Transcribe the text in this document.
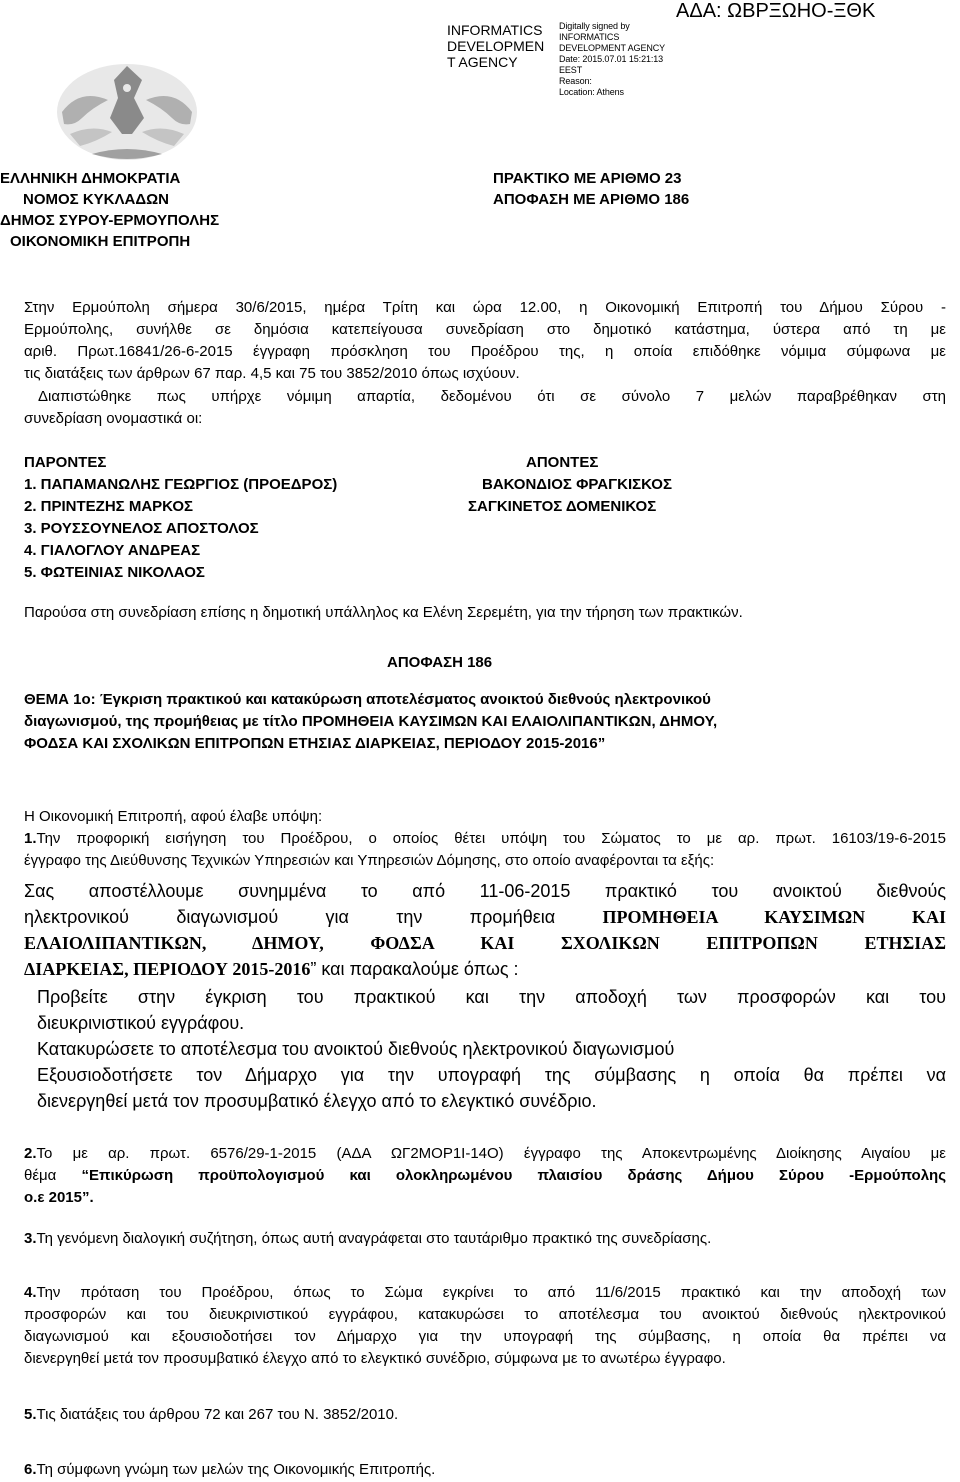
INFORMATICS
DEVELOPMEN
T AGENCY
Digitally signed by
INFORMATICS
DEVELOPMENT AGENCY
Date: 2015.07.01 15:21:13
EEST
Reason:
Location: Athens
ΑΔΑ: ΩΒΡΞΩΗΟ-ΞΘΚ
ΕΛΛΗΝΙΚΗ ΔΗΜΟΚΡΑΤΙΑ
ΝΟΜΟΣ ΚΥΚΛΑΔΩΝ
ΔΗΜΟΣ ΣΥΡΟΥ-ΕΡΜΟΥΠΟΛΗΣ
ΟΙΚΟΝΟΜΙΚΗ ΕΠΙΤΡΟΠΗ
ΠΡΑΚΤΙΚΟ ΜΕ ΑΡΙΘΜΟ 23
ΑΠΟΦΑΣΗ ΜΕ ΑΡΙΘΜΟ 186
Στην Ερμούπολη σήμερα 30/6/2015, ημέρα Τρίτη και ώρα 12.00, η Οικονομική Επιτροπή του Δήμου Σύρου -
Ερμούπολης, συνήλθε σε δημόσια κατεπείγουσα συνεδρίαση στο δημοτικό κατάστημα, ύστερα από τη με
αριθ. Πρωτ.16841/26-6-2015 έγγραφη πρόσκληση του Προέδρου της, η οποία επιδόθηκε νόμιμα σύμφωνα με
τις διατάξεις των άρθρων 67 παρ. 4,5 και 75 του 3852/2010 όπως ισχύουν.
Διαπιστώθηκε πως υπήρχε νόμιμη απαρτία, δεδομένου ότι σε σύνολο 7 μελών παραβρέθηκαν στη
συνεδρίαση ονομαστικά οι:
ΠΑΡΟΝΤΕΣ
1. ΠΑΠΑΜΑΝΩΛΗΣ ΓΕΩΡΓΙΟΣ (ΠΡΟΕΔΡΟΣ)
2. ΠΡΙΝΤΕΖΗΣ ΜΑΡΚΟΣ
3. ΡΟΥΣΣΟΥΝΕΛΟΣ ΑΠΟΣΤΟΛΟΣ
4. ΓΙΑΛΟΓΛΟΥ ΑΝΔΡΕΑΣ
5. ΦΩΤΕΙΝΙΑΣ ΝΙΚΟΛΑΟΣ
ΑΠΟΝΤΕΣ
ΒΑΚΟΝΔΙΟΣ ΦΡΑΓΚΙΣΚΟΣ
ΣΑΓΚΙΝΕΤΟΣ ΔΟΜΕΝΙΚΟΣ
Παρούσα στη συνεδρίαση επίσης η δημοτική υπάλληλος κα Ελένη Σερεμέτη, για την τήρηση των πρακτικών.
ΑΠΟΦΑΣΗ 186
ΘΕΜΑ 1ο: Έγκριση πρακτικού και κατακύρωση αποτελέσματος ανοικτού διεθνούς ηλεκτρονικού
διαγωνισμού, της προμήθειας με τίτλο ΠΡΟΜΗΘΕΙΑ ΚΑΥΣΙΜΩΝ ΚΑΙ ΕΛΑΙΟΛΙΠΑΝΤΙΚΩΝ, ΔΗΜΟΥ,
ΦΟΔΣΑ ΚΑΙ ΣΧΟΛΙΚΩΝ ΕΠΙΤΡΟΠΩΝ ΕΤΗΣΙΑΣ ΔΙΑΡΚΕΙΑΣ, ΠΕΡΙΟΔΟΥ 2015-2016”
Η Οικονομική Επιτροπή, αφού έλαβε υπόψη:
1.Την προφορική εισήγηση του Προέδρου, ο οποίος θέτει υπόψη του Σώματος το με αρ. πρωτ. 16103/19-6-2015
έγγραφο της Διεύθυνσης Τεχνικών Υπηρεσιών και Υπηρεσιών Δόμησης, στο οποίο αναφέρονται τα εξής:
Σας αποστέλλουμε συνημμένα το από 11-06-2015 πρακτικό του ανοικτού διεθνούς
ηλεκτρονικού διαγωνισμού για την προμήθεια ΠΡΟΜΗΘΕΙΑ ΚΑΥΣΙΜΩΝ ΚΑΙ
ΕΛΑΙΟΛΙΠΑΝΤΙΚΩΝ, ΔΗΜΟΥ, ΦΟΔΣΑ ΚΑΙ ΣΧΟΛΙΚΩΝ ΕΠΙΤΡΟΠΩΝ ΕΤΗΣΙΑΣ
ΔΙΑΡΚΕΙΑΣ, ΠΕΡΙΟΔΟΥ 2015-2016” και παρακαλούμε όπως :
Προβείτε στην έγκριση του πρακτικού και την αποδοχή των προσφορών και του
διευκρινιστικού εγγράφου.
Κατακυρώσετε το αποτέλεσμα του ανοικτού διεθνούς ηλεκτρονικού διαγωνισμού
Εξουσιοδοτήσετε τον Δήμαρχο για την υπογραφή της σύμβασης η οποία θα πρέπει να
διενεργηθεί μετά τον προσυμβατικό έλεγχο από το ελεγκτικό συνέδριο.
2.Το με αρ. πρωτ. 6576/29-1-2015 (ΑΔΑ ΩΓ2ΜΟΡ1Ι-14Ο) έγγραφο της Αποκεντρωμένης Διοίκησης Αιγαίου με
θέμα “Επικύρωση προϋπολογισμού και ολοκληρωμένου πλαισίου δράσης Δήμου Σύρου -Ερμούπολης
ο.ε 2015”.
3.Τη γενόμενη διαλογική συζήτηση, όπως αυτή αναγράφεται στο ταυτάριθμο πρακτικό της συνεδρίασης.
4.Την πρόταση του Προέδρου, όπως το Σώμα εγκρίνει το από 11/6/2015 πρακτικό και την αποδοχή των
προσφορών και του διευκρινιστικού εγγράφου, κατακυρώσει το αποτέλεσμα του ανοικτού διεθνούς ηλεκτρονικού
διαγωνισμού και εξουσιοδοτήσει τον Δήμαρχο για την υπογραφή της σύμβασης, η οποία θα πρέπει να
διενεργηθεί μετά τον προσυμβατικό έλεγχο από το ελεγκτικό συνέδριο, σύμφωνα με το ανωτέρω έγγραφο.
5.Τις διατάξεις του άρθρου 72 και 267 του Ν. 3852/2010.
6.Τη σύμφωνη γνώμη των μελών της Οικονομικής Επιτροπής.
